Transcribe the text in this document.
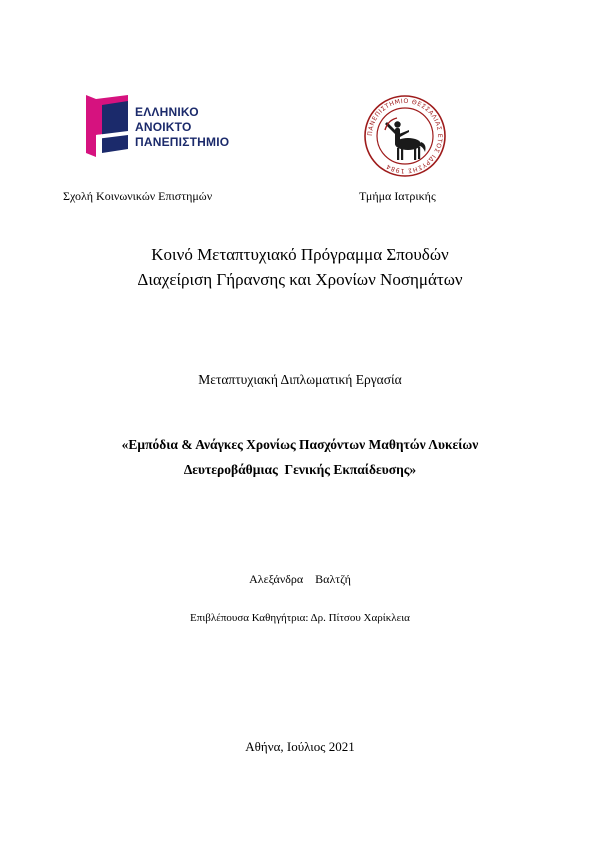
ΕΛΛΗΝΙΚΟ
ΑΝΟΙΚΤΟ
ΠΑΝΕΠΙΣΤΗΜΙΟ
ΠΑΝΕΠΙΣΤΗΜΙΟ ΘΕΣΣΑΛΙΑΣ ΕΤΟΣ ΙΔΡΥΣΗΣ 1984
Σχολή Κοινωνικών Επιστημών	Τμήμα Ιατρικής
Κοινό Μεταπτυχιακό Πρόγραμμα Σπουδών
Διαχείριση Γήρανσης και Χρονίων Νοσημάτων
Μεταπτυχιακή Διπλωματική Εργασία
«Εμπόδια & Ανάγκες Χρονίως Πασχόντων Μαθητών Λυκείων
Δευτεροβάθμιας  Γενικής Εκπαίδευσης»
Αλεξάνδρα  Βαλτζή
Επιβλέπουσα Καθηγήτρια: Δρ. Πίτσου Χαρίκλεια
Αθήνα, Ιούλιος 2021
